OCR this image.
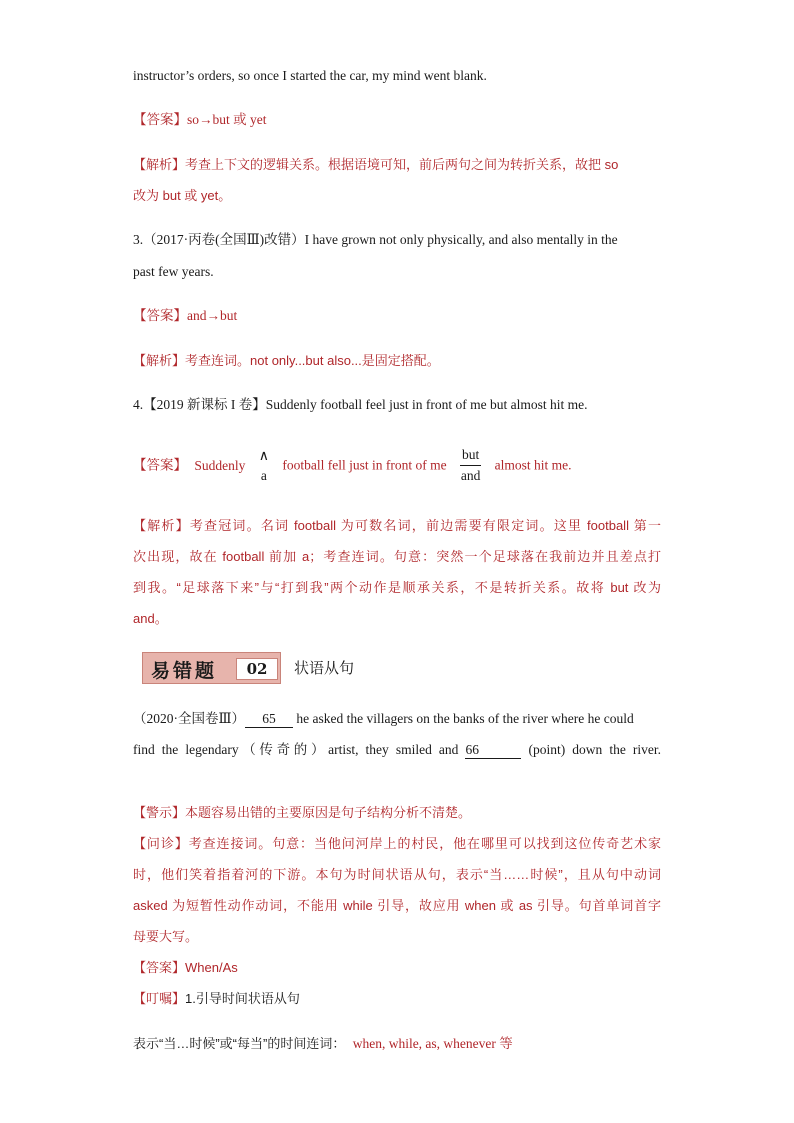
instructor’s orders, so once I started the car, my mind went blank.
【答案】so→but 或 yet
【解析】考查上下文的逻辑关系。根据语境可知，前后两句之间为转折关系，故把 so
改为 but 或 yet。
3.（2017·丙卷(全国Ⅲ)改错）I have grown not only physically, and also mentally in the
past few years.
【答案】and→but
【解析】考查连词。not only...but also...是固定搭配。
4.【2019 新课标 I 卷】Suddenly football feel just in front of me but almost hit me.
【答案】 Suddenly
∧
a
football fell just in front of me
but
and
almost hit me.
【解析】考查冠词。名词 football 为可数名词，前边需要有限定词。这里 football 第一
次出现，故在 football 前加 a；考查连词。句意：突然一个足球落在我前边并且差点打
到我。“足球落下来”与“打到我”两个动作是顺承关系，不是转折关系。故将 but 改为
and。
易错题	02	状语从句
（2020·全国卷Ⅲ） 65 he asked the villagers on the banks of the river where he could
find the legendary（传奇的）artist, they smiled and 66	(point) down the river.
【警示】本题容易出错的主要原因是句子结构分析不清楚。
【问诊】考查连接词。句意：当他问河岸上的村民，他在哪里可以找到这位传奇艺术家
时，他们笑着指着河的下游。本句为时间状语从句，表示“当……时候”，且从句中动词
asked 为短暂性动作动词，不能用 while 引导，故应用 when 或 as 引导。句首单词首字
母要大写。
【答案】When/As
【叮嘱】1.引导时间状语从句
表示“当…时候”或“每当”的时间连词： when, while, as, whenever 等
